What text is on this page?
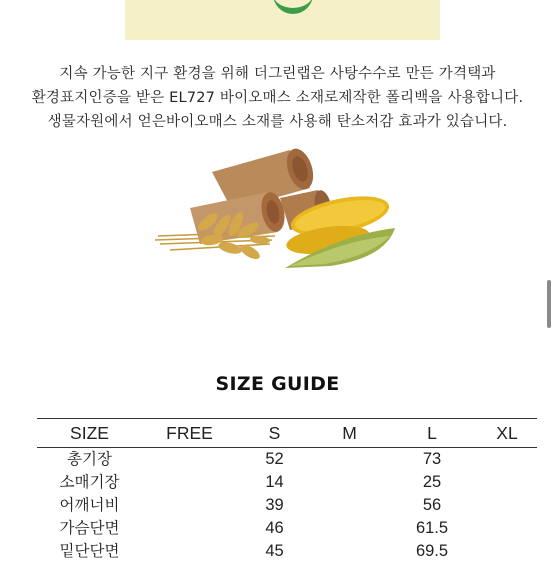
지속 가능한 지구 환경을 위해 더그린랩은 사탕수수로 만든 가격택과
환경표지인증을 받은 EL727 바이오매스 소재로제작한 폴리백을 사용합니다.
생물자원에서 얻은바이오매스 소재를 사용해 탄소저감 효과가 있습니다.
SIZE GUIDE
SIZE	FREE	S	M	L	XL
총기장		52		73	
소매기장		14		25	
어깨너비		39		56	
가슴단면		46		61.5	
밑단단면		45		69.5	
